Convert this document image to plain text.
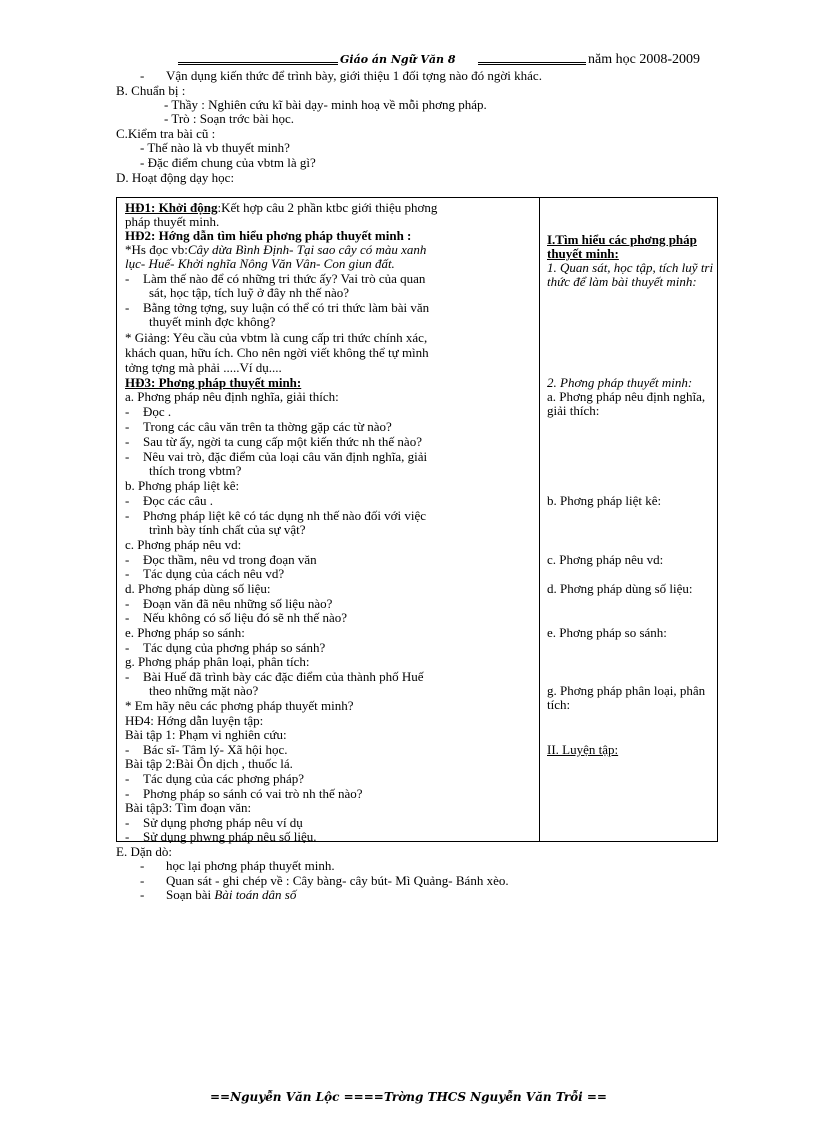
Giáo án Ngữ Văn 8	năm học 2008-2009
- Vận dụng kiến thức để trình bày, giới thiệu 1 đối tợng nào đó ngời khác.
B. Chuẩn bị :
- Thầy : Nghiên cứu kĩ bài dạy- minh hoạ về mỗi phơng pháp.
- Trò : Soạn trớc bài học.
C.Kiểm tra bài cũ :
- Thế nào là vb thuyết minh?
- Đặc điểm chung của vbtm là gì?
D. Hoạt động dạy học:
HĐ1: Khởi động:Kết hợp câu 2 phần ktbc giới thiệu phơng
pháp thuyết minh.
HĐ2: Hớng dẫn tìm hiểu phơng pháp thuyết minh :
*Hs đọc vb:Cây dừa Bình Định- Tại sao cây có màu xanh
lục- Huế- Khởi nghĩa Nông Văn Vân- Con giun đất.
- Làm thế nào để có những tri thức ấy? Vai trò của quan
sát, học tập, tích luỹ ở đây nh thế nào?
- Bằng tởng tợng, suy luận có thể có tri thức làm bài văn
thuyết minh đợc không?
* Giảng: Yêu cầu của vbtm là cung cấp tri thức chính xác,
khách quan, hữu ích. Cho nên ngời viết không thể tự mình
tởng tợng mà phải .....Ví dụ....
HĐ3: Phơng pháp thuyết minh:
a. Phơng pháp nêu định nghĩa, giải thích:
- Đọc .
- Trong các câu văn trên ta thờng gặp các từ nào?
- Sau từ ấy, ngời ta cung cấp một kiến thức nh thế nào?
- Nêu vai trò, đặc điểm của loại câu văn định nghĩa, giải
thích trong vbtm?
b. Phơng pháp liệt kê:
- Đọc các câu .
- Phơng pháp liệt kê có tác dụng nh thế nào đối với việc
trình bày tính chất của sự vật?
c. Phơng pháp nêu vd:
- Đọc thầm, nêu vd trong đoạn văn
- Tác dụng của cách nêu vd?
d. Phơng pháp dùng số liệu:
- Đoạn văn đã nêu những số liệu nào?
- Nếu không có số liệu đó sẽ nh thế nào?
e. Phơng pháp so sánh:
- Tác dụng của phơng pháp so sánh?
g. Phơng pháp phân loại, phân tích:
- Bài Huế đã trình bày các đặc điểm của thành phố Huế
theo những mặt nào?
* Em hãy nêu các phơng pháp thuyết minh?
HĐ4: Hớng dẫn luyện tập:
Bài tập 1: Phạm vi nghiên cứu:
- Bác sĩ- Tâm lý- Xã hội học.
Bài tập 2:Bài Ôn dịch , thuốc lá.
- Tác dụng của các phơng pháp?
- Phơng pháp so sánh có vai trò nh thế nào?
Bài tập3: Tìm đoạn văn:
- Sử dụng phơng pháp nêu ví dụ
- Sử dụng phwng pháp nêu số liệu.
I.Tìm hiểu các phơng pháp
thuyết minh:
1. Quan sát, học tập, tích luỹ tri
thức để làm bài thuyết minh:
2. Phơng pháp thuyết minh:
a. Phơng pháp nêu định nghĩa,
giải thích:
b. Phơng pháp liệt kê:
c. Phơng pháp nêu vd:
d. Phơng pháp dùng số liệu:
e. Phơng pháp so sánh:
g. Phơng pháp phân loại, phân
tích:
II. Luyện tập:
E. Dặn dò:
- học lại phơng pháp thuyết minh.
- Quan sát - ghi chép về : Cây bàng- cây bút- Mì Quảng- Bánh xèo.
- Soạn bài Bài toán dân số
==Nguyễn Văn Lộc ====Trờng THCS Nguyễn Văn Trỗi ==
